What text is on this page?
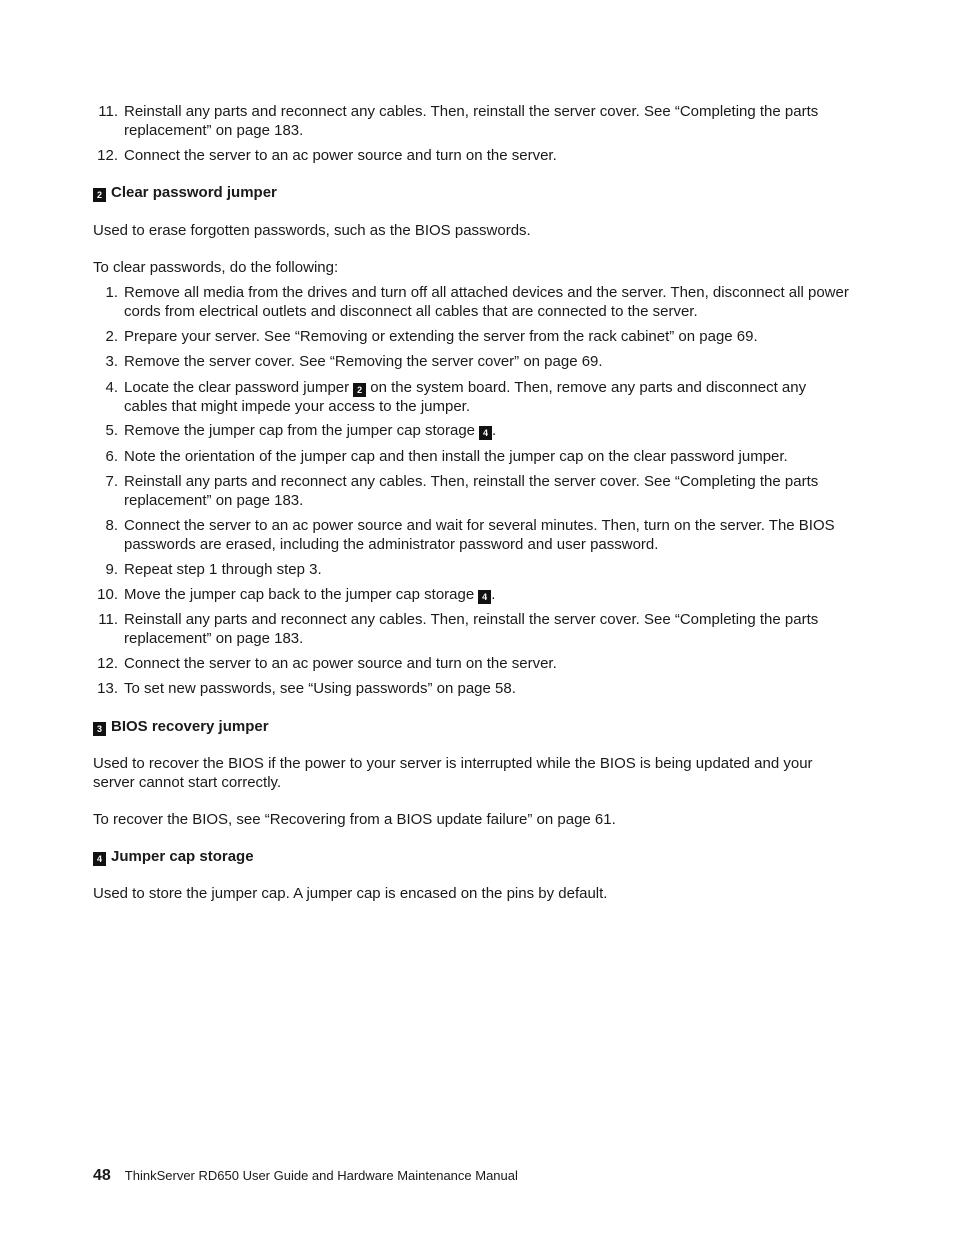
11. Reinstall any parts and reconnect any cables. Then, reinstall the server cover. See “Completing the parts replacement” on page 183.
12. Connect the server to an ac power source and turn on the server.
2 Clear password jumper
Used to erase forgotten passwords, such as the BIOS passwords.
To clear passwords, do the following:
1. Remove all media from the drives and turn off all attached devices and the server. Then, disconnect all power cords from electrical outlets and disconnect all cables that are connected to the server.
2. Prepare your server. See “Removing or extending the server from the rack cabinet” on page 69.
3. Remove the server cover. See “Removing the server cover” on page 69.
4. Locate the clear password jumper 2 on the system board. Then, remove any parts and disconnect any cables that might impede your access to the jumper.
5. Remove the jumper cap from the jumper cap storage 4 .
6. Note the orientation of the jumper cap and then install the jumper cap on the clear password jumper.
7. Reinstall any parts and reconnect any cables. Then, reinstall the server cover. See “Completing the parts replacement” on page 183.
8. Connect the server to an ac power source and wait for several minutes. Then, turn on the server. The BIOS passwords are erased, including the administrator password and user password.
9. Repeat step 1 through step 3.
10. Move the jumper cap back to the jumper cap storage 4 .
11. Reinstall any parts and reconnect any cables. Then, reinstall the server cover. See “Completing the parts replacement” on page 183.
12. Connect the server to an ac power source and turn on the server.
13. To set new passwords, see “Using passwords” on page 58.
3 BIOS recovery jumper
Used to recover the BIOS if the power to your server is interrupted while the BIOS is being updated and your server cannot start correctly.
To recover the BIOS, see “Recovering from a BIOS update failure” on page 61.
4 Jumper cap storage
Used to store the jumper cap. A jumper cap is encased on the pins by default.
48 ThinkServer RD650 User Guide and Hardware Maintenance Manual
